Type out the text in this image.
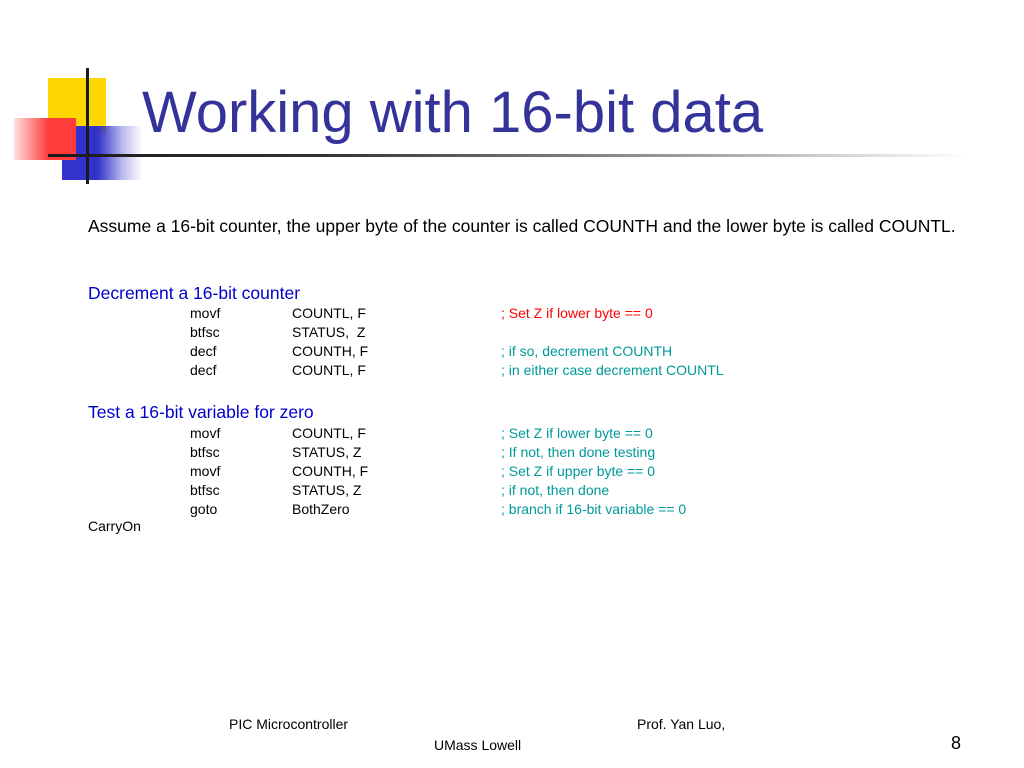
Working with 16-bit data
Assume a 16-bit counter, the upper byte of the counter is called COUNTH and the lower byte is called COUNTL.
Decrement a 16-bit counter
movf	COUNTL, F	; Set Z if lower byte == 0
btfsc	STATUS,  Z
decf	COUNTH, F	; if so, decrement COUNTH
decf	COUNTL, F	; in either case decrement COUNTL
Test a 16-bit variable for zero
movf	COUNTL, F	; Set Z if lower byte == 0
btfsc	STATUS, Z	; If not, then done testing
movf	COUNTH, F	; Set Z if upper byte == 0
btfsc	STATUS, Z	; if not, then done
goto	BothZero	; branch if 16-bit variable == 0
CarryOn
PIC Microcontroller	Prof. Yan Luo,
UMass Lowell	8
